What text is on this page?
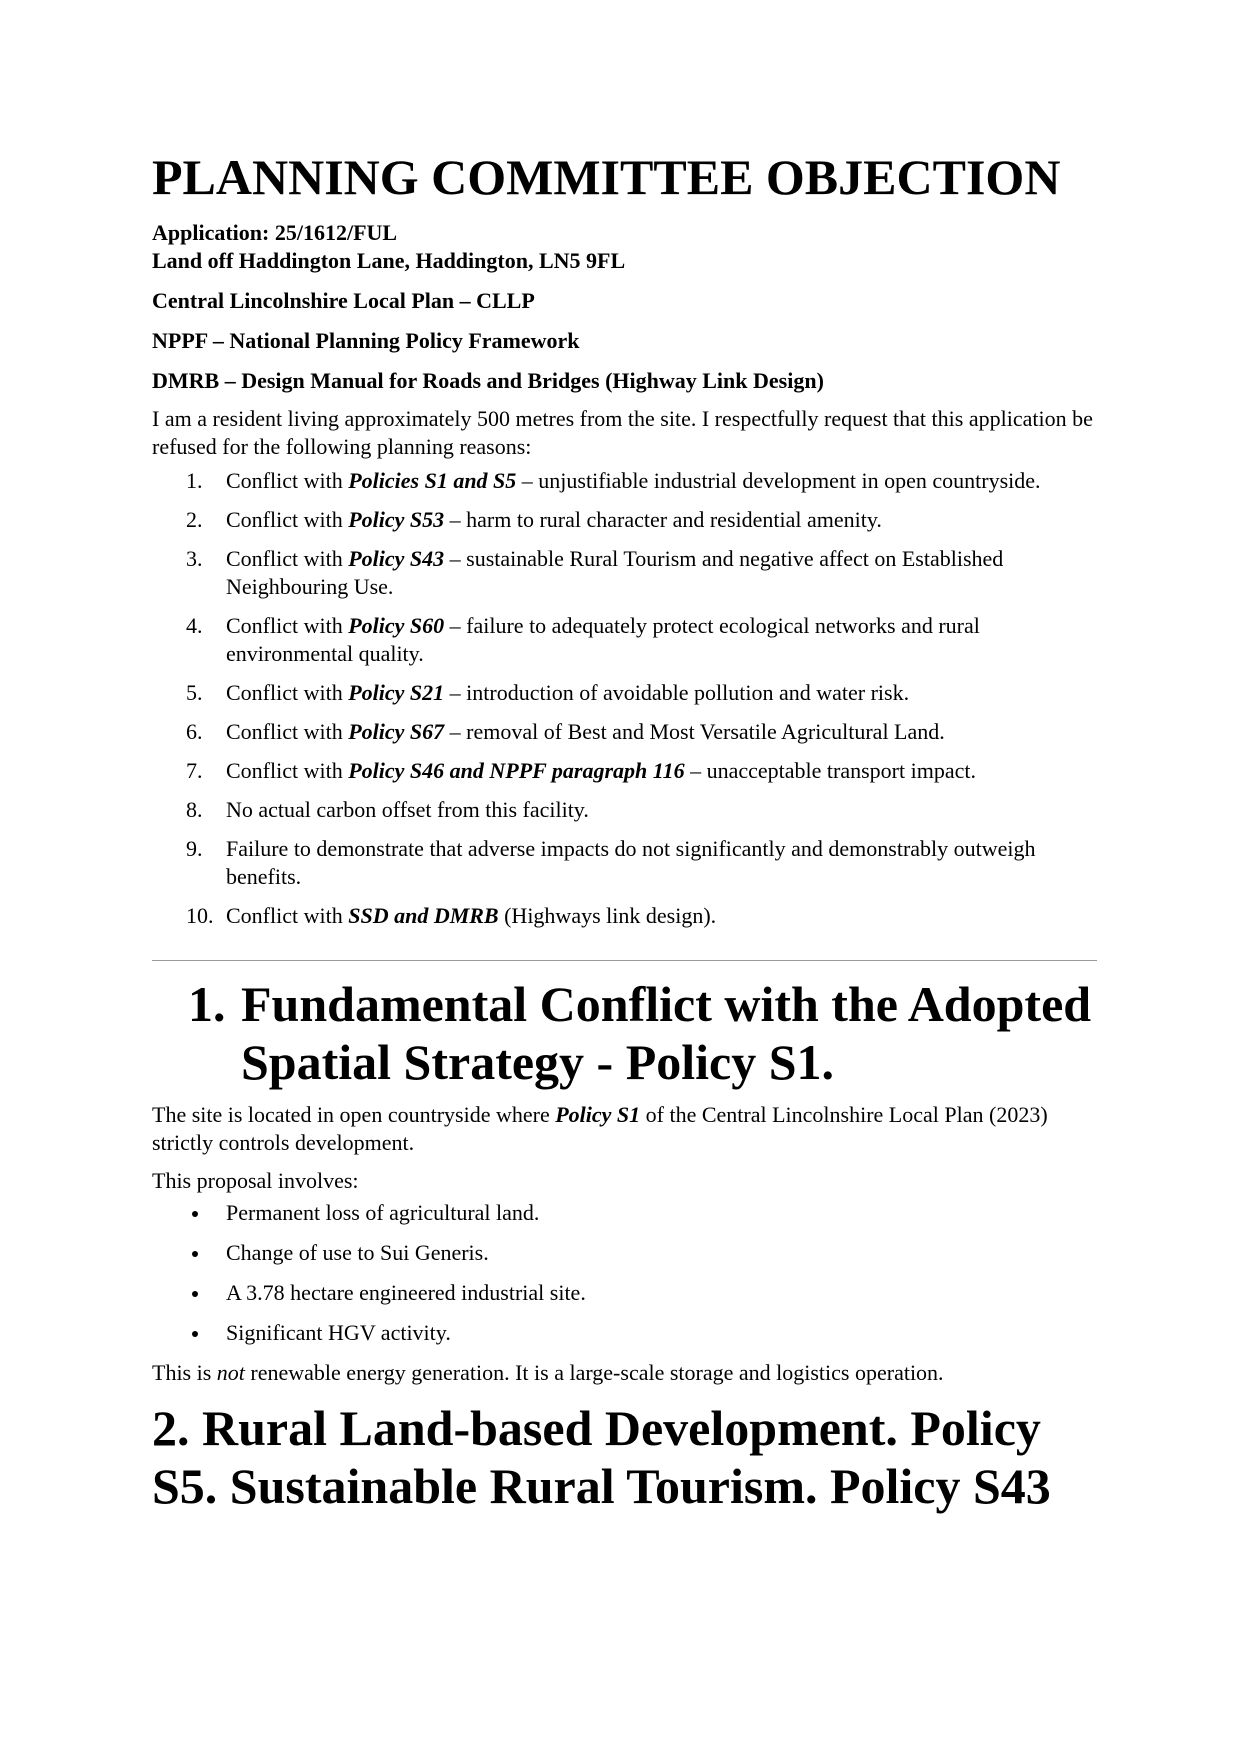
PLANNING COMMITTEE OBJECTION

Application: 25/1612/FUL

Land off Haddington Lane, Haddington, LN5 9FL

Central Lincolnshire Local Plan – CLLP

NPPF – National Planning Policy Framework

DMRB – Design Manual for Roads and Bridges (Highway Link Design)

I am a resident living approximately 500 metres from the site. I respectfully request that this application be refused for the following planning reasons:

1. Conflict with Policies S1 and S5 – unjustifiable industrial development in open countryside.
2. Conflict with Policy S53 – harm to rural character and residential amenity.
3. Conflict with Policy S43 – sustainable Rural Tourism and negative affect on Established Neighbouring Use.
4. Conflict with Policy S60 – failure to adequately protect ecological networks and rural environmental quality.
5. Conflict with Policy S21 – introduction of avoidable pollution and water risk.
6. Conflict with Policy S67 – removal of Best and Most Versatile Agricultural Land.
7. Conflict with Policy S46 and NPPF paragraph 116 – unacceptable transport impact.
8. No actual carbon offset from this facility.
9. Failure to demonstrate that adverse impacts do not significantly and demonstrably outweigh benefits.
10. Conflict with SSD and DMRB (Highways link design).
1. Fundamental Conflict with the Adopted Spatial Strategy - Policy S1.

The site is located in open countryside where Policy S1 of the Central Lincolnshire Local Plan (2023) strictly controls development.

This proposal involves:

Permanent loss of agricultural land.
Change of use to Sui Generis.
A 3.78 hectare engineered industrial site.
Significant HGV activity.

This is not renewable energy generation. It is a large-scale storage and logistics operation.

2. Rural Land-based Development. Policy S5. Sustainable Rural Tourism. Policy S43
